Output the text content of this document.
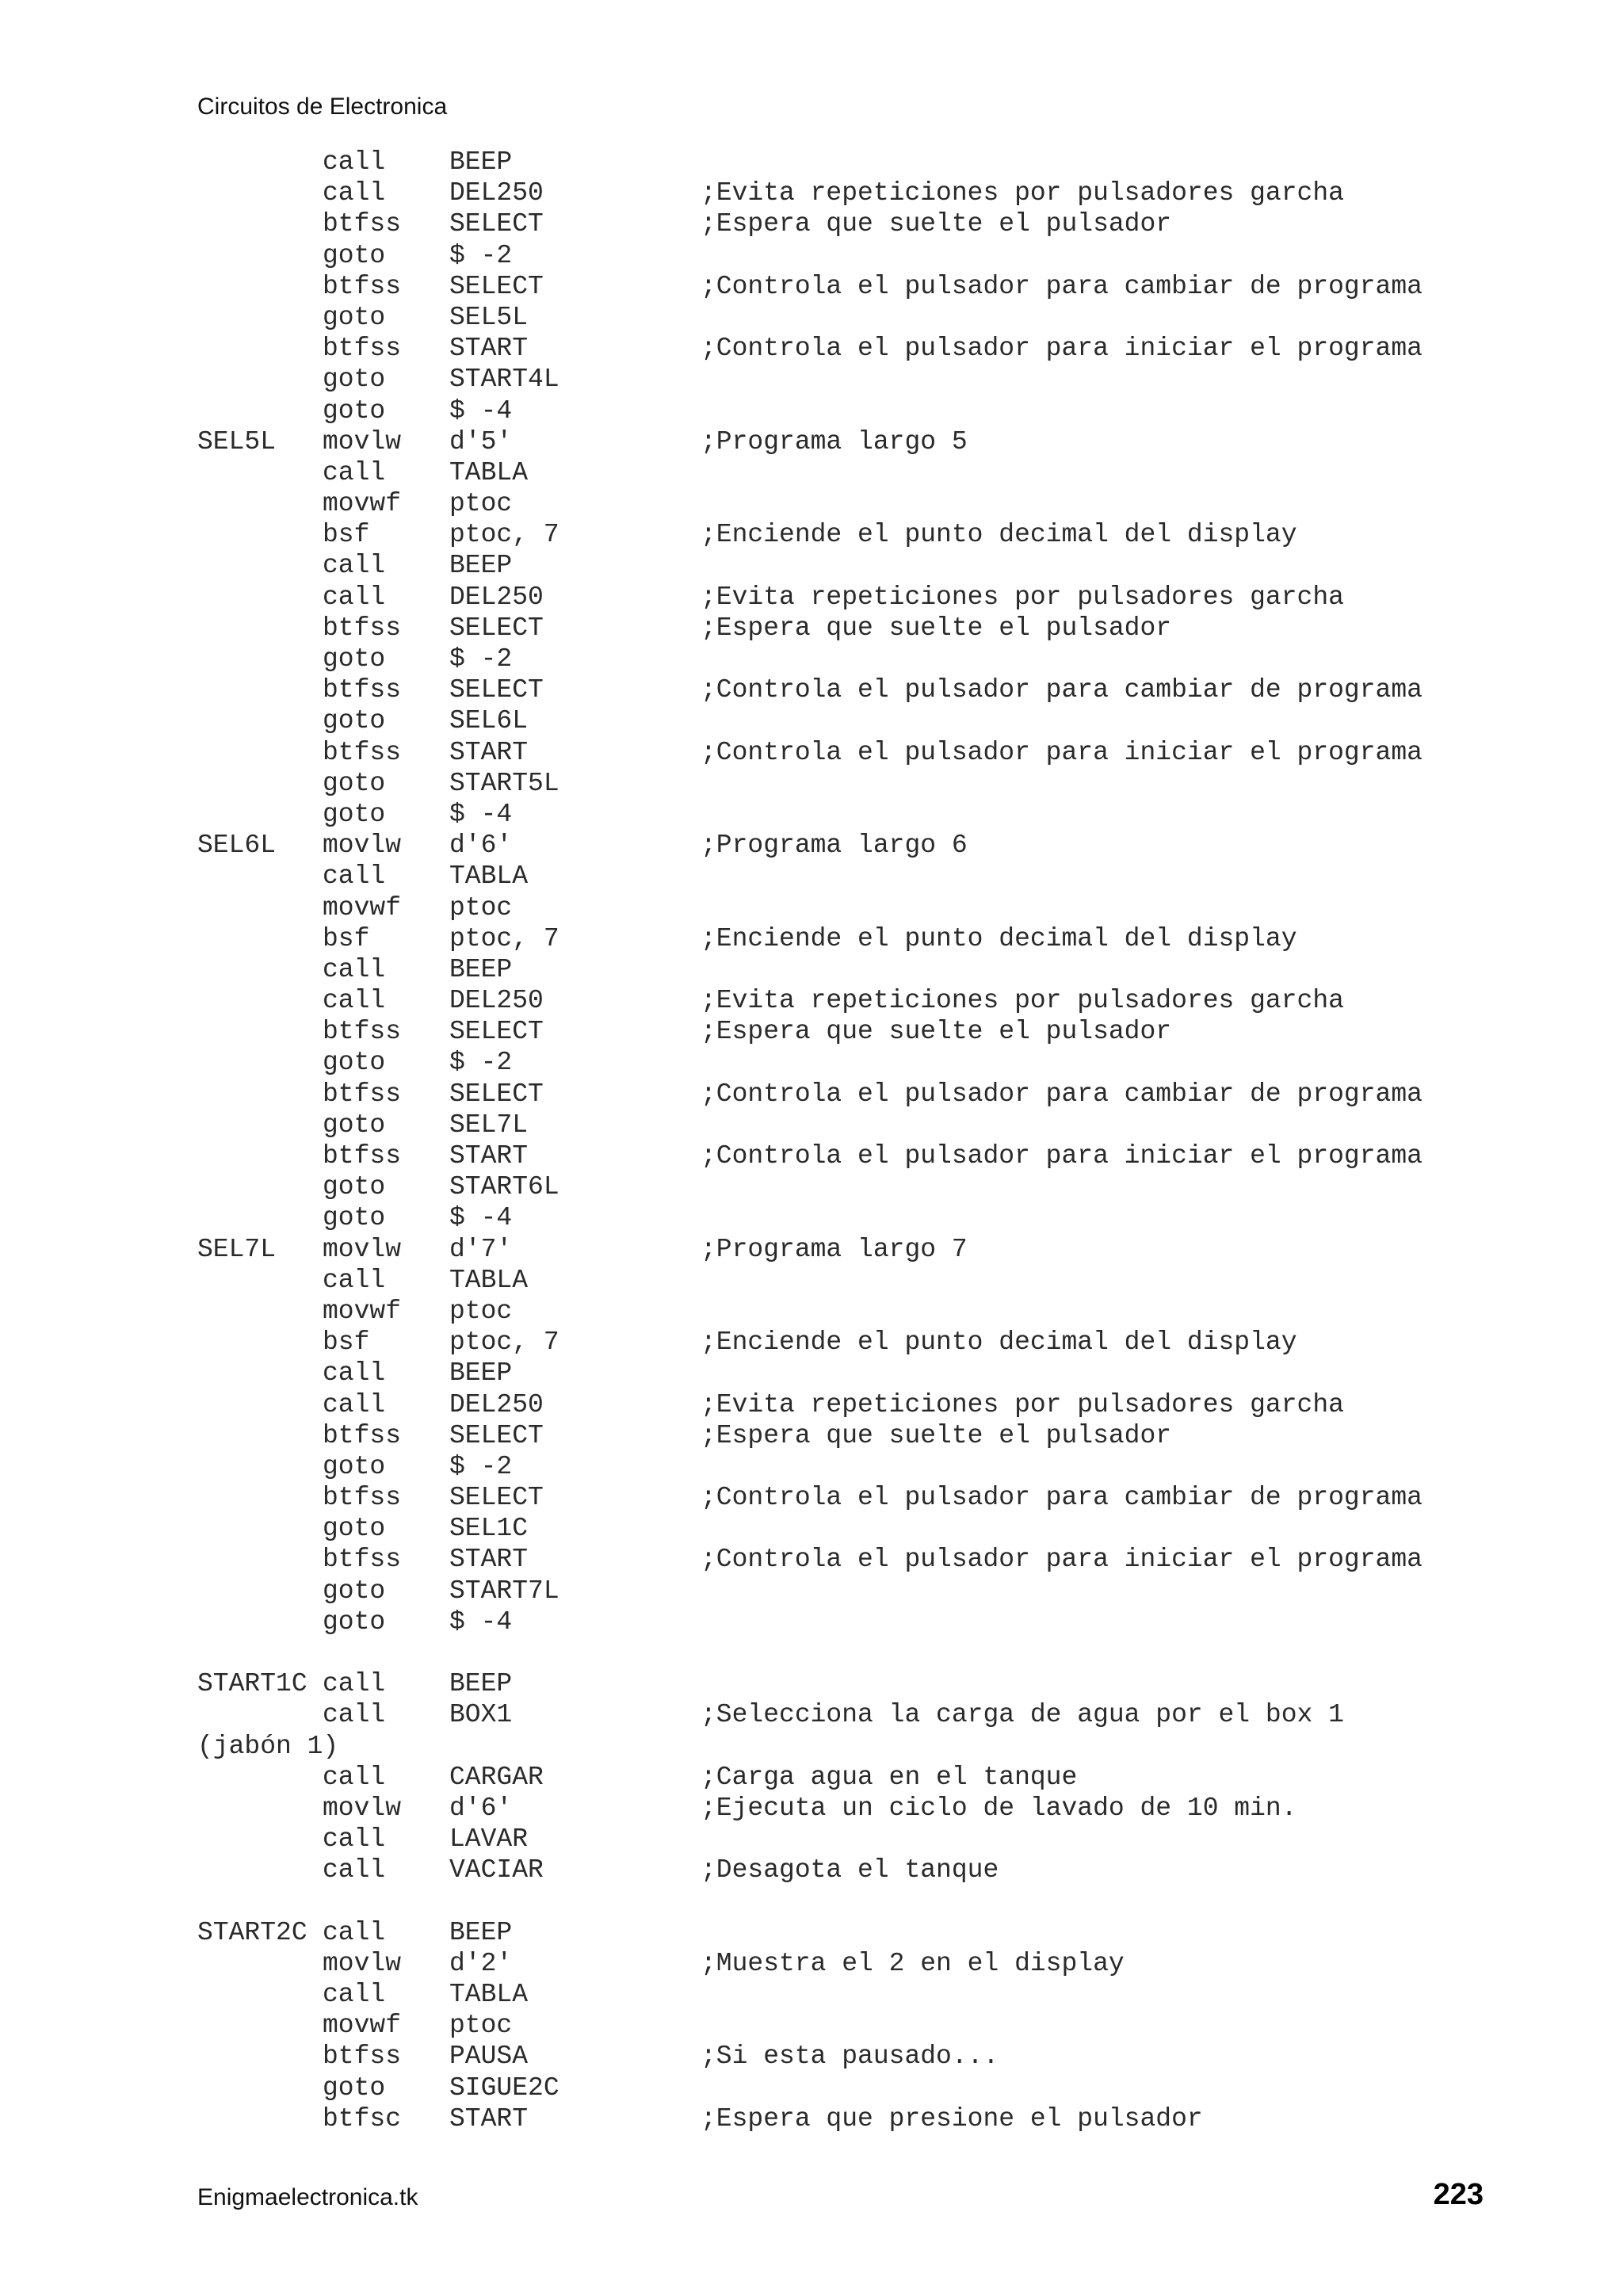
Circuitos de Electronica
call BEEP
call DEL250	;Evita repeticiones por pulsadores garcha
btfss SELECT	;Espera que suelte el pulsador
goto $ -2
btfss SELECT	;Controla el pulsador para cambiar de programa
goto SEL5L
btfss START	;Controla el pulsador para iniciar el programa
goto START4L
goto $ -4
SEL5L movlw d'5'	;Programa largo 5
call TABLA
movwf ptoc
bsf	ptoc, 7	;Enciende el punto decimal del display
call BEEP
call DEL250	;Evita repeticiones por pulsadores garcha
btfss SELECT	;Espera que suelte el pulsador
goto $ -2
btfss SELECT	;Controla el pulsador para cambiar de programa
goto SEL6L
btfss START	;Controla el pulsador para iniciar el programa
goto START5L
goto $ -4
SEL6L movlw d'6'	;Programa largo 6
call TABLA
movwf ptoc
bsf	ptoc, 7	;Enciende el punto decimal del display
call BEEP
call DEL250	;Evita repeticiones por pulsadores garcha
btfss SELECT	;Espera que suelte el pulsador
goto $ -2
btfss SELECT	;Controla el pulsador para cambiar de programa
goto SEL7L
btfss START	;Controla el pulsador para iniciar el programa
goto START6L
goto $ -4
SEL7L movlw d'7'	;Programa largo 7
call TABLA
movwf ptoc
bsf	ptoc, 7	;Enciende el punto decimal del display
call BEEP
call DEL250	;Evita repeticiones por pulsadores garcha
btfss SELECT	;Espera que suelte el pulsador
goto $ -2
btfss SELECT	;Controla el pulsador para cambiar de programa
goto SEL1C
btfss START	;Controla el pulsador para iniciar el programa
goto START7L
goto $ -4
START1C call BEEP
call BOX1	;Selecciona la carga de agua por el box 1
(jabón 1)
call CARGAR	;Carga agua en el tanque
movlw d'6'	;Ejecuta un ciclo de lavado de 10 min.
call LAVAR
call VACIAR	;Desagota el tanque
START2C call BEEP
movlw d'2'	;Muestra el 2 en el display
call TABLA
movwf ptoc
btfss PAUSA	;Si esta pausado...
goto SIGUE2C
btfsc START	;Espera que presione el pulsador
Enigmaelectronica.tk	223
